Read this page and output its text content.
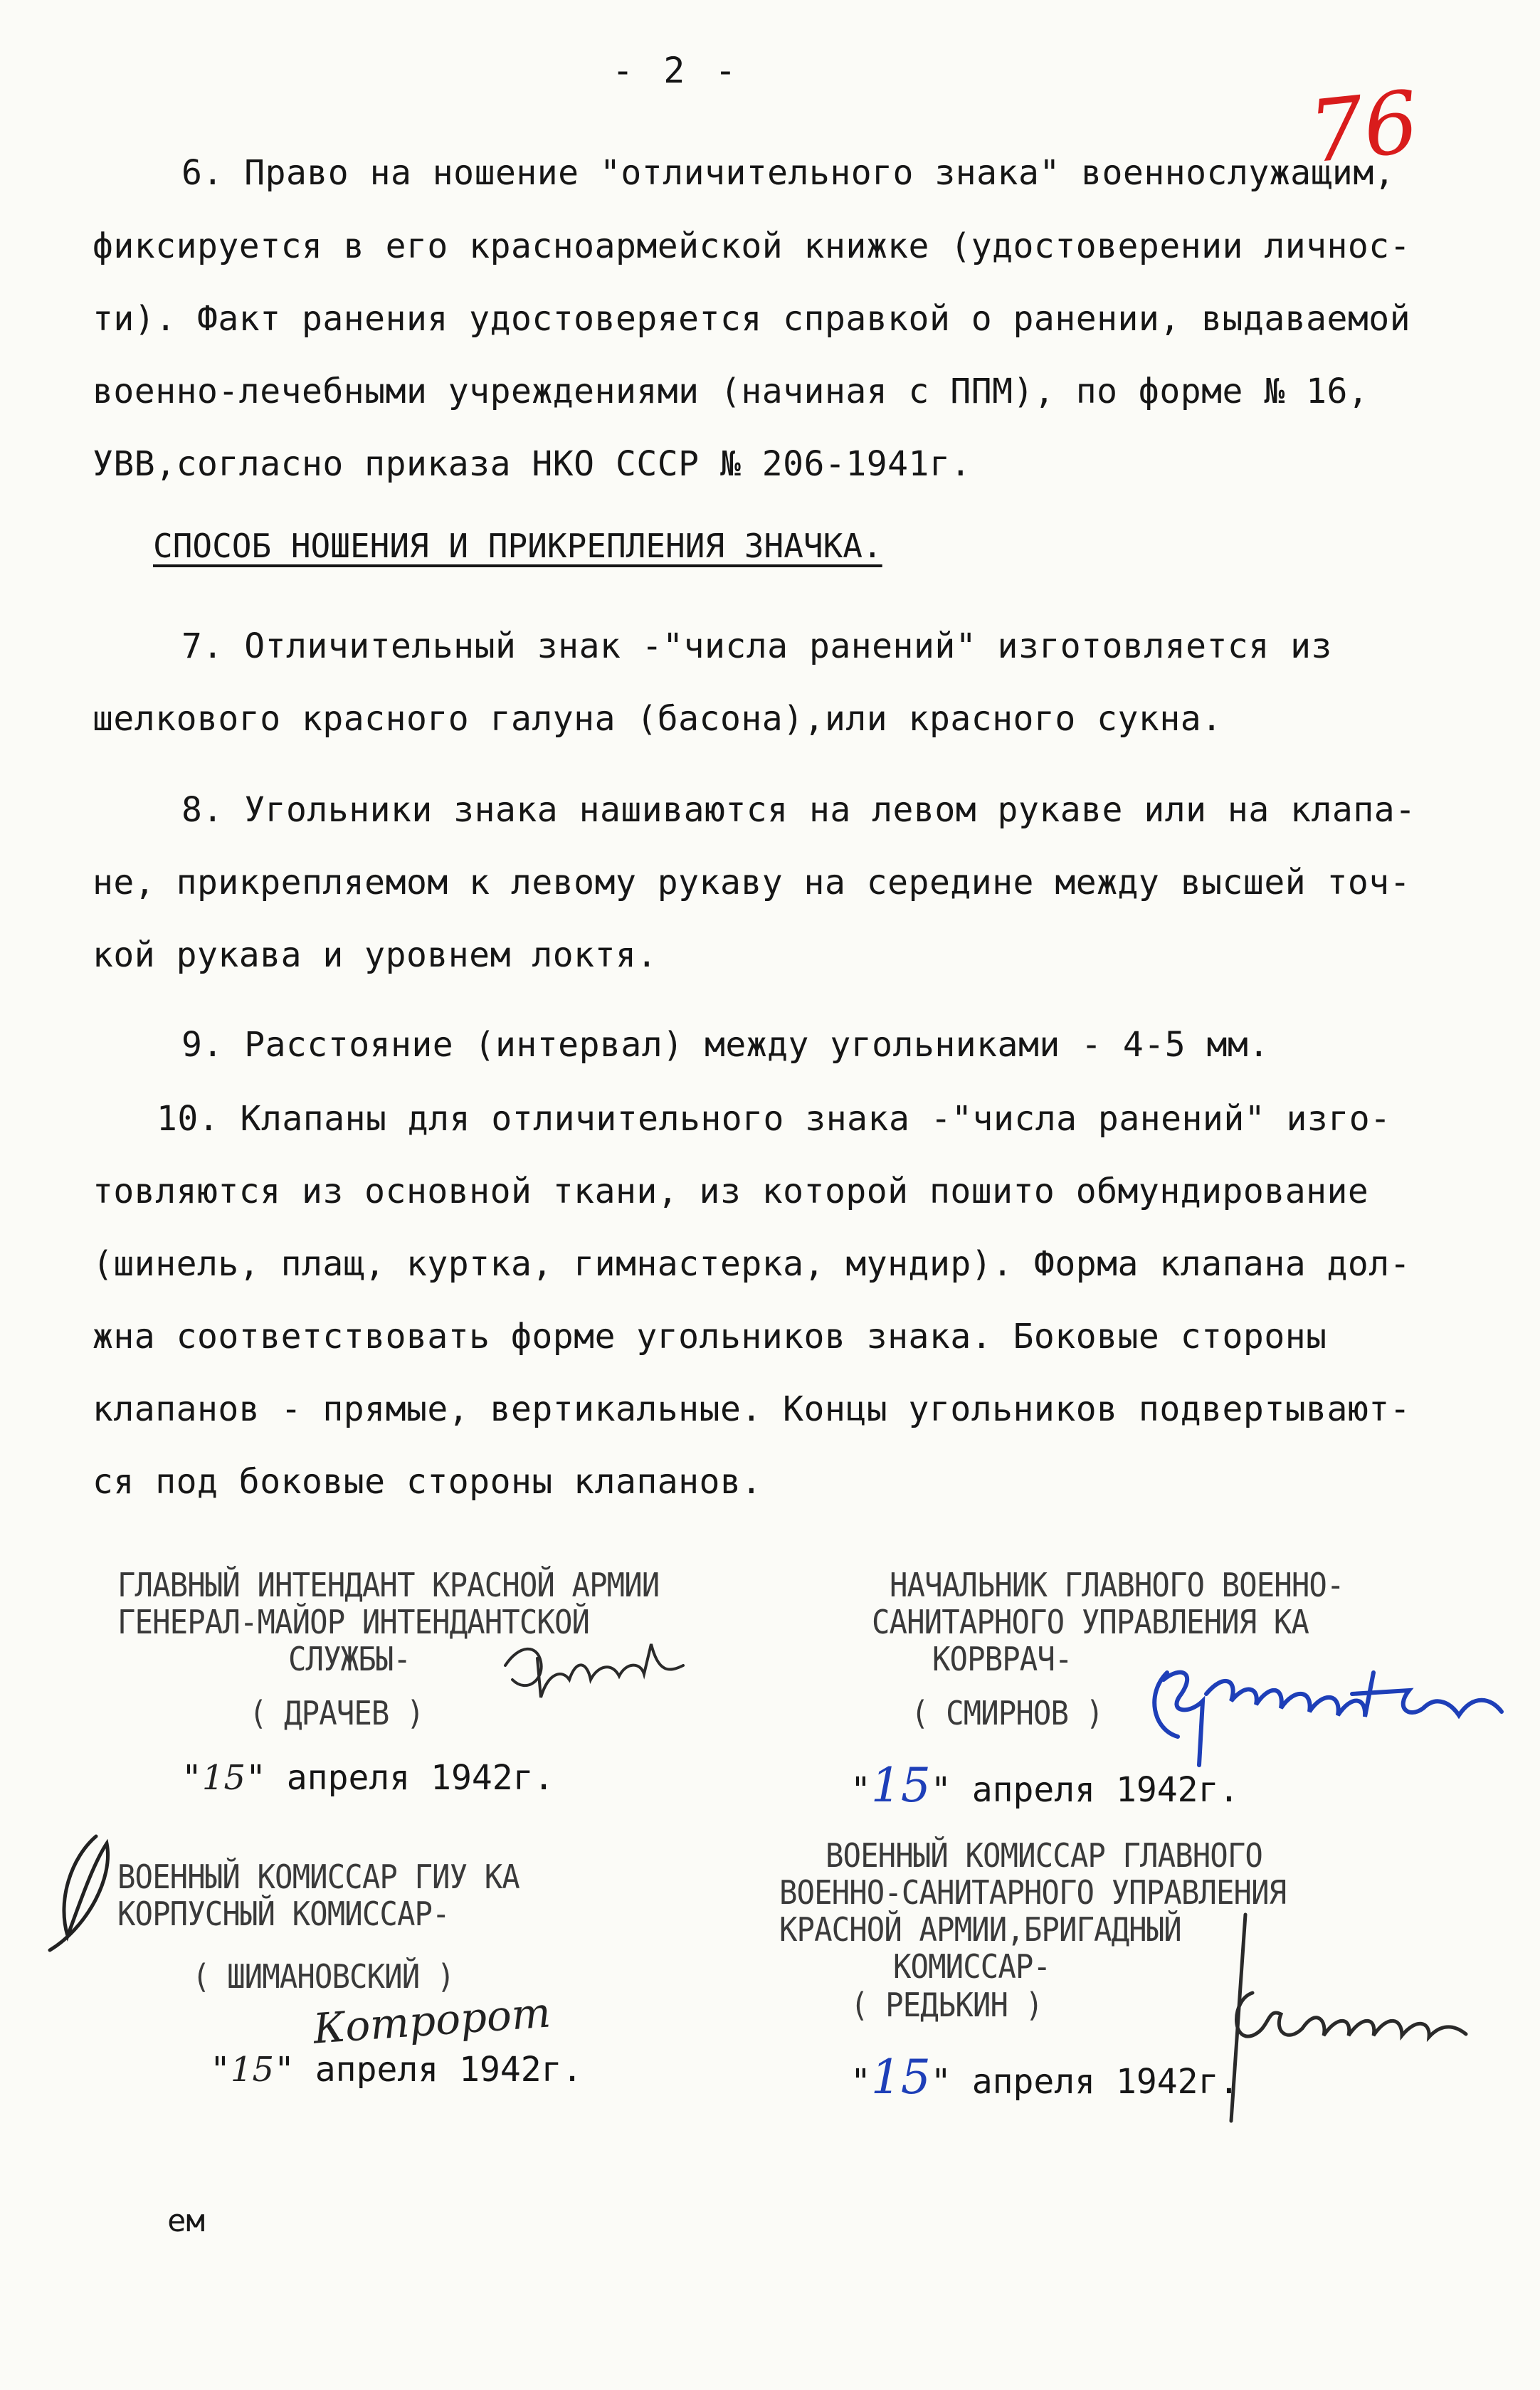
- 2 -
76
6. Право на ношение "отличительного знака" военнослужащим,
фиксируется в его красноармейской книжке (удостоверении личнос-
ти). Факт ранения удостоверяется справкой о ранении, выдаваемой
военно-лечебными учреждениями (начиная с ППМ), по форме № 16,
УВВ,согласно приказа НКО СССР № 206-1941г.
СПОСОБ НОШЕНИЯ И ПРИКРЕПЛЕНИЯ ЗНАЧКА.
7. Отличительный знак -"числа ранений" изготовляется из
шелкового красного галуна (басона),или красного сукна.
8. Угольники знака нашиваются на левом рукаве или на клапа-
не, прикрепляемом к левому рукаву на середине между высшей точ-
кой рукава и уровнем локтя.
9. Расстояние (интервал) между угольниками - 4-5 мм.
10. Клапаны для отличительного знака -"числа ранений" изго-
товляются из основной ткани, из которой пошито обмундирование
(шинель, плащ, куртка, гимнастерка, мундир). Форма клапана дол-
жна соответствовать форме угольников знака. Боковые стороны
клапанов - прямые, вертикальные. Концы угольников подвертывают-
ся под боковые стороны клапанов.
ГЛАВНЫЙ ИНТЕНДАНТ КРАСНОЙ АРМИИ
ГЕНЕРАЛ-МАЙОР ИНТЕНДАНТСКОЙ
СЛУЖБЫ-
( ДРАЧЕВ )
"15" апреля 1942г.
НАЧАЛЬНИК ГЛАВНОГО ВОЕННО-
САНИТАРНОГО УПРАВЛЕНИЯ КА
КОРВРАЧ-
( СМИРНОВ )
"15" апреля 1942г.
ВОЕННЫЙ КОМИССАР ГИУ КА
КОРПУСНЫЙ КОМИССАР-
( ШИМАНОВСКИЙ )
Котророт
"15" апреля 1942г.
ВОЕННЫЙ КОМИССАР ГЛАВНОГО
ВОЕННО-САНИТАРНОГО УПРАВЛЕНИЯ
КРАСНОЙ АРМИИ,БРИГАДНЫЙ
КОМИССАР-
( РЕДЬКИН )
"15" апреля 1942г.
ем
